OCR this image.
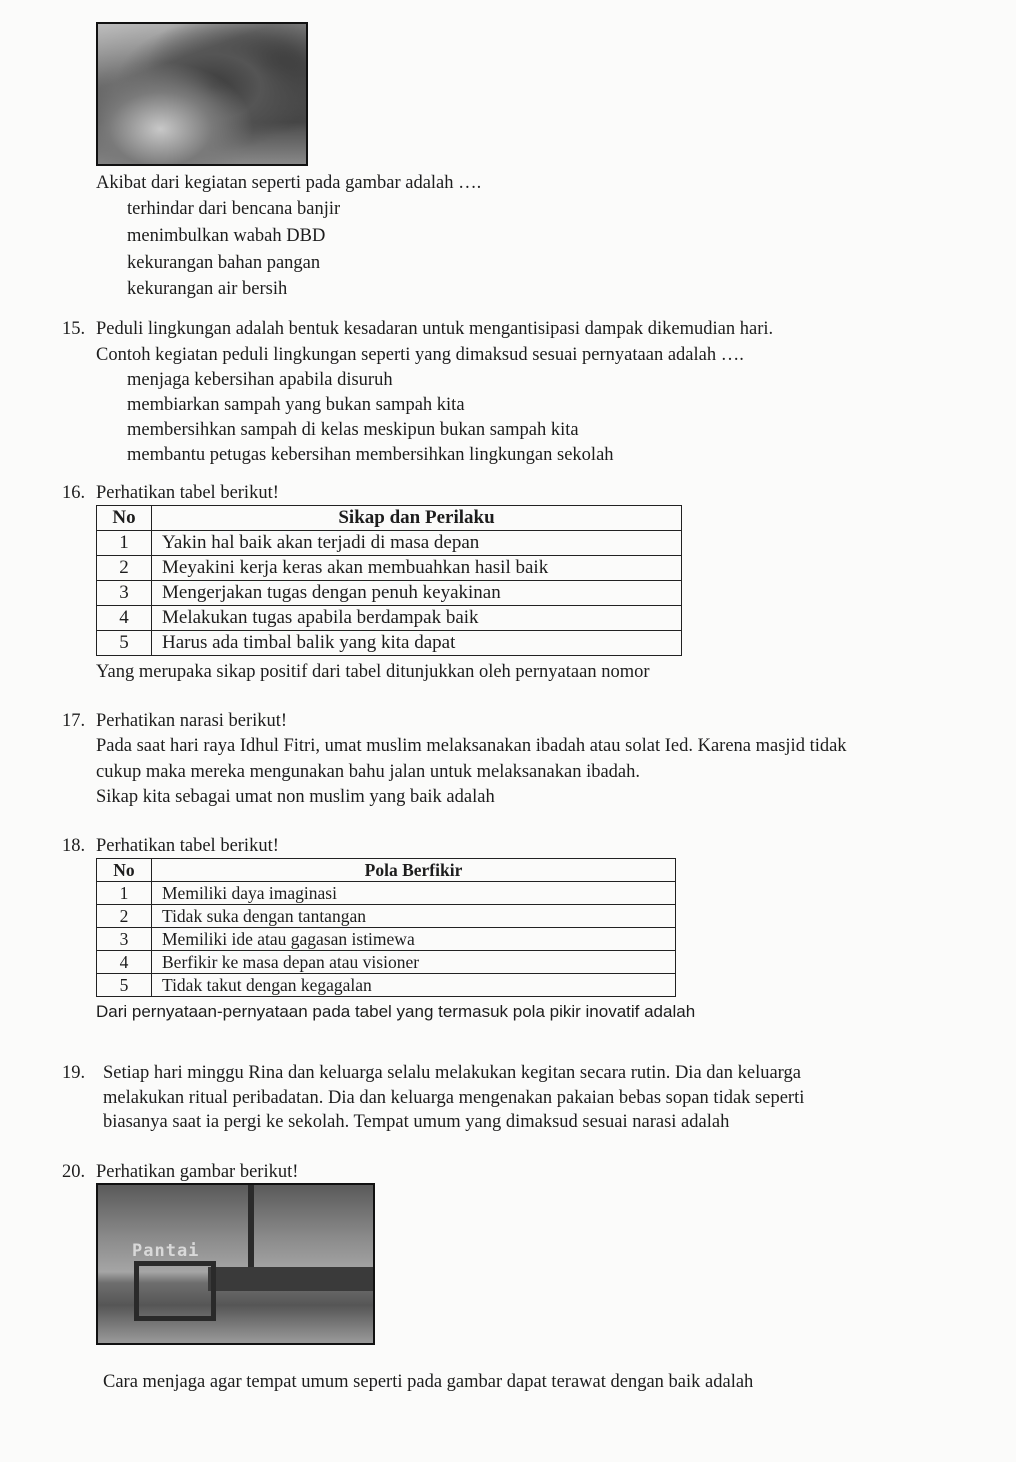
Akibat dari kegiatan seperti pada gambar adalah ….
terhindar dari bencana banjir
menimbulkan wabah DBD
kekurangan bahan pangan
kekurangan air bersih
15. Peduli lingkungan adalah bentuk kesadaran untuk mengantisipasi dampak dikemudian hari.
Contoh kegiatan peduli lingkungan seperti yang dimaksud sesuai pernyataan adalah ….
menjaga kebersihan apabila disuruh
membiarkan sampah yang bukan sampah kita
membersihkan sampah di kelas meskipun bukan sampah kita
membantu petugas kebersihan membersihkan lingkungan sekolah
16. Perhatikan tabel berikut!
No	Sikap dan Perilaku
1	Yakin hal baik akan terjadi di masa depan
2	Meyakini kerja keras akan membuahkan hasil baik
3	Mengerjakan tugas dengan penuh keyakinan
4	Melakukan tugas apabila berdampak baik
5	Harus ada timbal balik yang kita dapat
Yang merupaka sikap positif dari tabel ditunjukkan oleh pernyataan nomor
17. Perhatikan narasi berikut!
Pada saat hari raya Idhul Fitri, umat muslim melaksanakan ibadah atau solat Ied. Karena masjid tidak
cukup maka mereka mengunakan bahu jalan untuk melaksanakan ibadah.
Sikap kita sebagai umat non muslim yang baik adalah
18. Perhatikan tabel berikut!
No	Pola Berfikir
1	Memiliki daya imaginasi
2	Tidak suka dengan tantangan
3	Memiliki ide atau gagasan istimewa
4	Berfikir ke masa depan atau visioner
5	Tidak takut dengan kegagalan
Dari pernyataan-pernyataan pada tabel yang termasuk pola pikir inovatif adalah
19. Setiap hari minggu Rina dan keluarga selalu melakukan kegitan secara rutin. Dia dan keluarga
melakukan ritual peribadatan. Dia dan keluarga mengenakan pakaian bebas sopan tidak seperti
biasanya saat ia pergi ke sekolah. Tempat umum yang dimaksud sesuai narasi adalah
20. Perhatikan gambar berikut!
Pantai
Cara menjaga agar tempat umum seperti pada gambar dapat terawat dengan baik adalah
